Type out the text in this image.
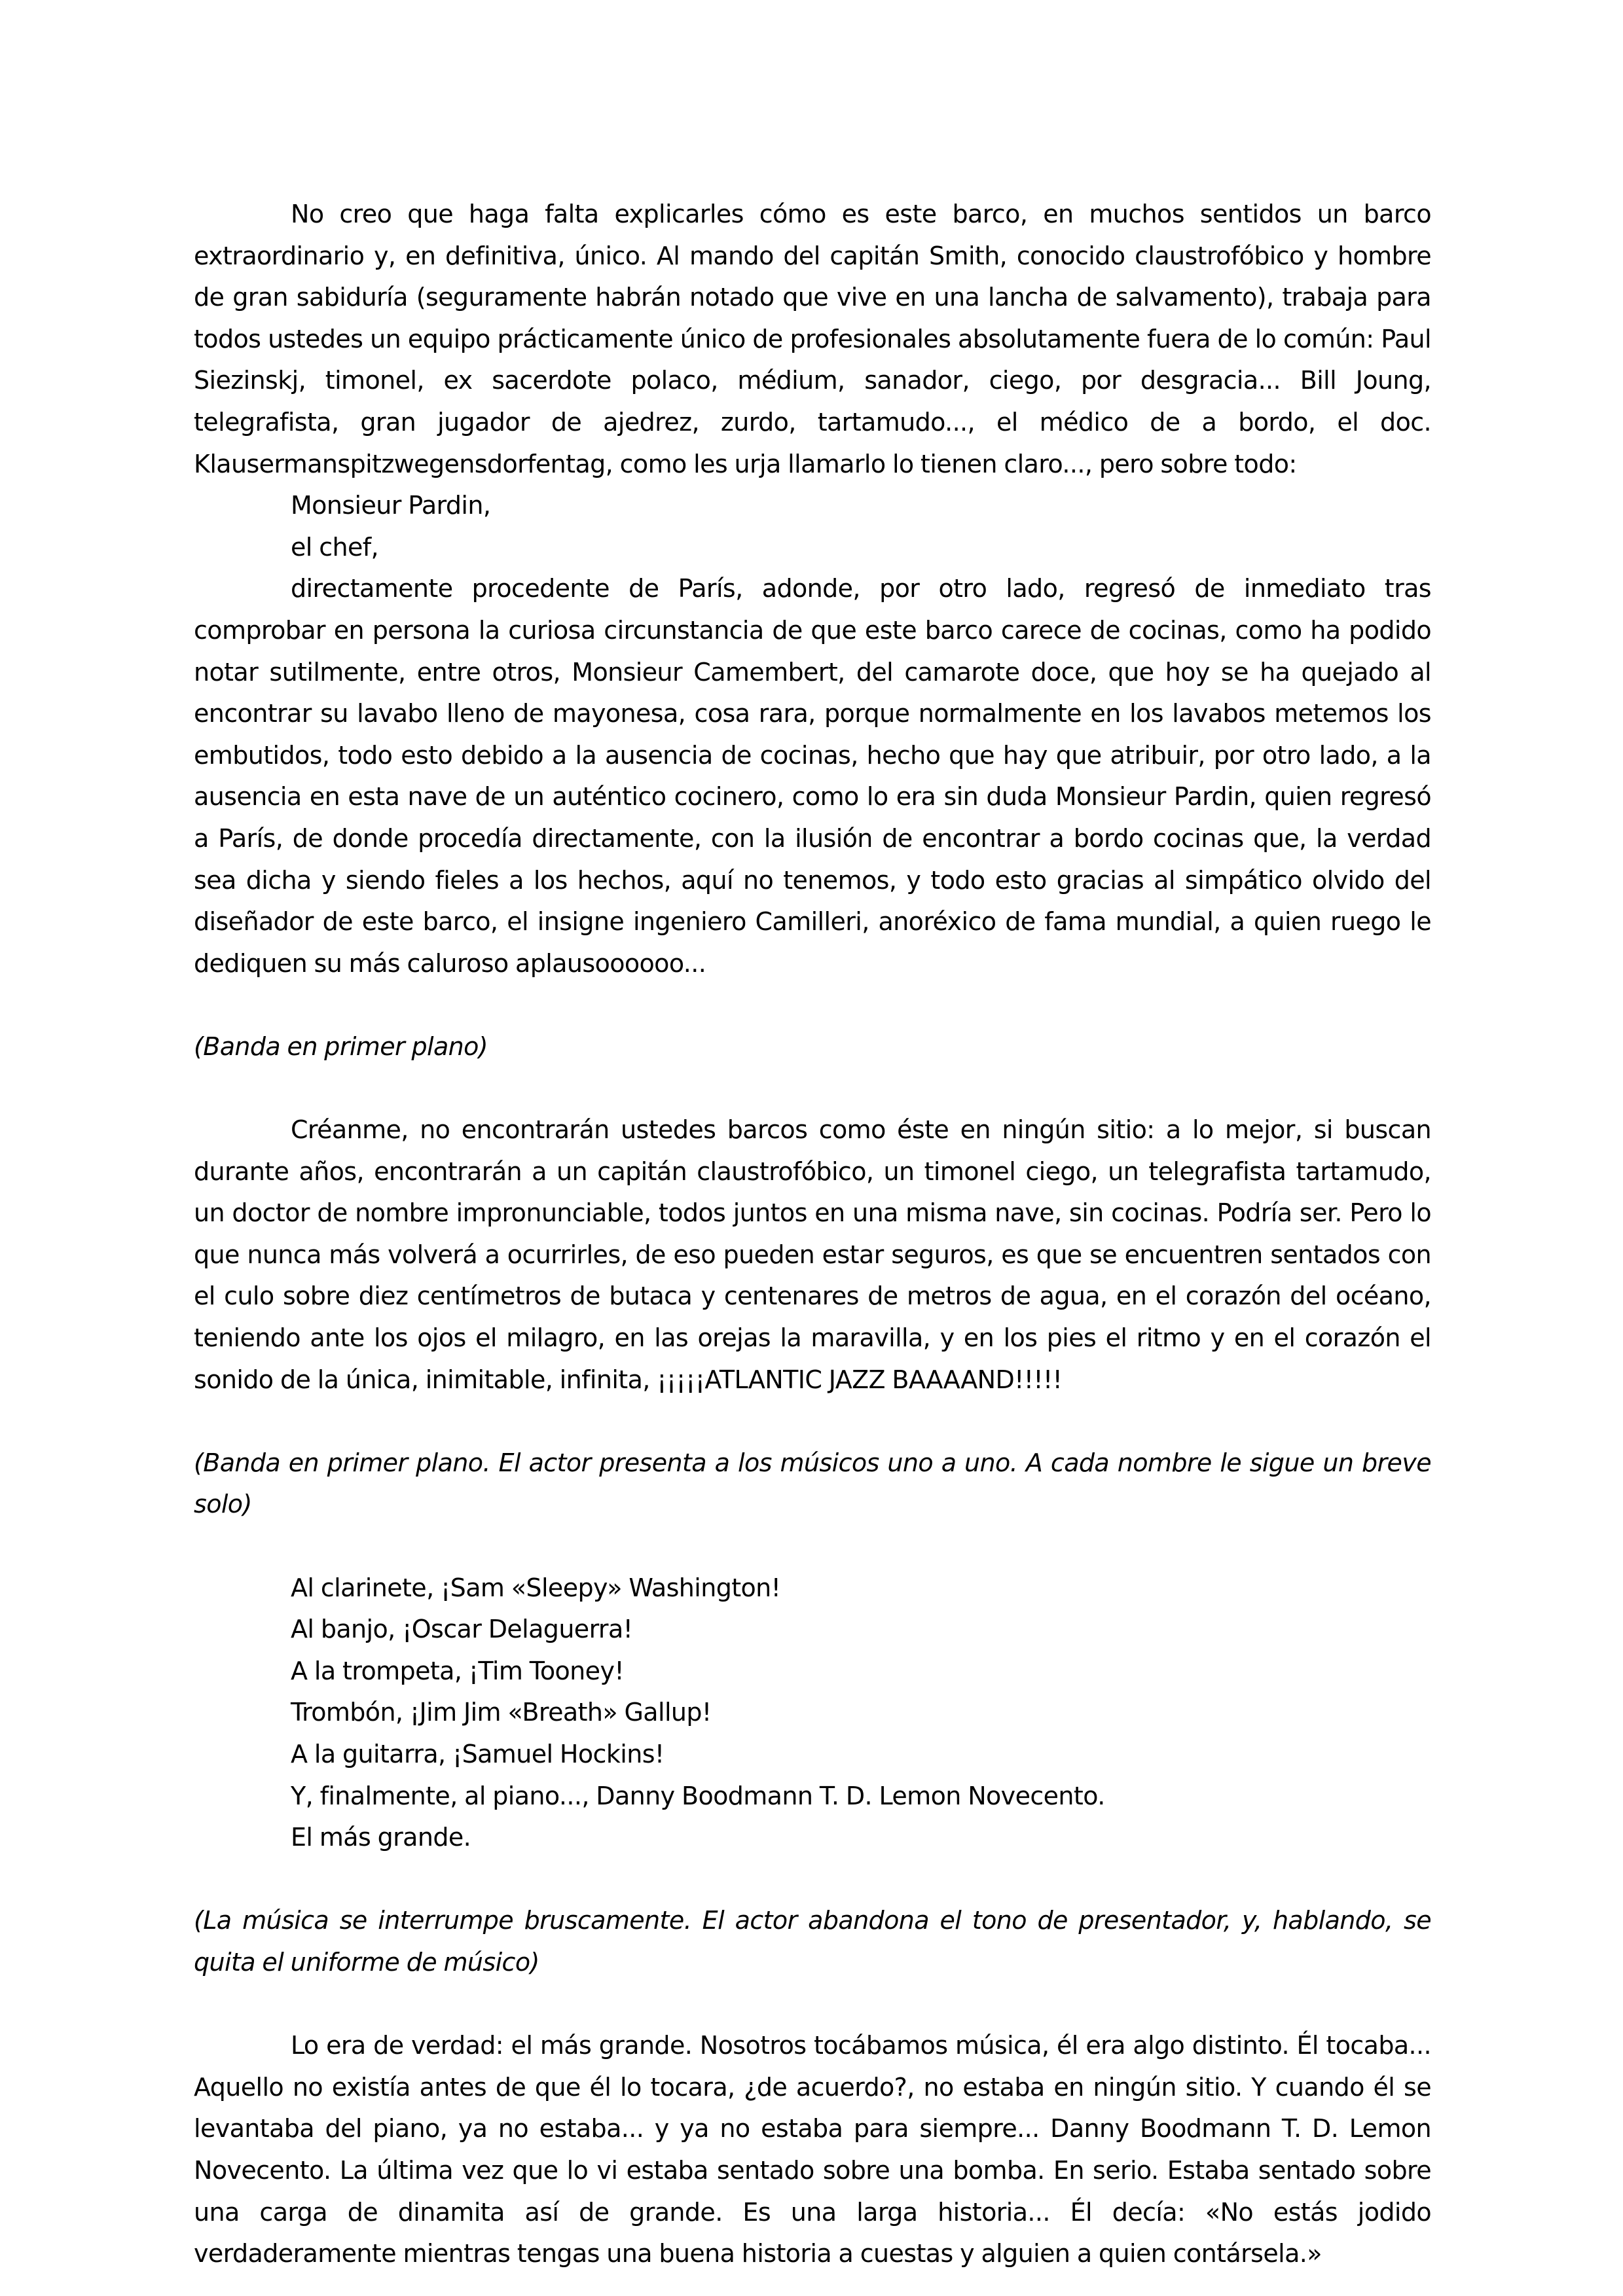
No creo que haga falta explicarles cómo es este barco, en muchos sentidos un barco extraordinario y, en definitiva, único. Al mando del capitán Smith, conocido claustrofóbico y hombre de gran sabiduría (seguramente habrán notado que vive en una lancha de salvamento), trabaja para todos ustedes un equipo prácticamente único de profesionales absolutamente fuera de lo común: Paul Siezinskj, timonel, ex sacerdote polaco, médium, sanador, ciego, por desgracia... Bill Joung, telegrafista, gran jugador de ajedrez, zurdo, tartamudo..., el médico de a bordo, el doc. Klausermanspitzwegensdorfentag, como les urja llamarlo lo tienen claro..., pero sobre todo:

Monsieur Pardin,

el chef,

directamente procedente de París, adonde, por otro lado, regresó de inmediato tras comprobar en persona la curiosa circunstancia de que este barco carece de cocinas, como ha podido notar sutilmente, entre otros, Monsieur Camembert, del camarote doce, que hoy se ha quejado al encontrar su lavabo lleno de mayonesa, cosa rara, porque normalmente en los lavabos metemos los embutidos, todo esto debido a la ausencia de cocinas, hecho que hay que atribuir, por otro lado, a la ausencia en esta nave de un auténtico cocinero, como lo era sin duda Monsieur Pardin, quien regresó a París, de donde procedía directamente, con la ilusión de encontrar a bordo cocinas que, la verdad sea dicha y siendo fieles a los hechos, aquí no tenemos, y todo esto gracias al simpático olvido del diseñador de este barco, el insigne ingeniero Camilleri, anoréxico de fama mundial, a quien ruego le dediquen su más caluroso aplausoooooo...

(Banda en primer plano)

Créanme, no encontrarán ustedes barcos como éste en ningún sitio: a lo mejor, si buscan durante años, encontrarán a un capitán claustrofóbico, un timonel ciego, un telegrafista tartamudo, un doctor de nombre impronunciable, todos juntos en una misma nave, sin cocinas. Podría ser. Pero lo que nunca más volverá a ocurrirles, de eso pueden estar seguros, es que se encuentren sentados con el culo sobre diez centímetros de butaca y centenares de metros de agua, en el corazón del océano, teniendo ante los ojos el milagro, en las orejas la maravilla, y en los pies el ritmo y en el corazón el sonido de la única, inimitable, infinita, ¡¡¡¡¡ATLANTIC JAZZ BAAAAND!!!!!

(Banda en primer plano. El actor presenta a los músicos uno a uno. A cada nombre le sigue un breve solo)

Al clarinete, ¡Sam «Sleepy» Washington!
Al banjo, ¡Oscar Delaguerra!
A la trompeta, ¡Tim Tooney!
Trombón, ¡Jim Jim «Breath» Gallup!
A la guitarra, ¡Samuel Hockins!
Y, finalmente, al piano..., Danny Boodmann T. D. Lemon Novecento.
El más grande.

(La música se interrumpe bruscamente. El actor abandona el tono de presentador, y, hablando, se quita el uniforme de músico)

Lo era de verdad: el más grande. Nosotros tocábamos música, él era algo distinto. Él tocaba... Aquello no existía antes de que él lo tocara, ¿de acuerdo?, no estaba en ningún sitio. Y cuando él se levantaba del piano, ya no estaba... y ya no estaba para siempre... Danny Boodmann T. D. Lemon Novecento. La última vez que lo vi estaba sentado sobre una bomba. En serio. Estaba sentado sobre una carga de dinamita así de grande. Es una larga historia... Él decía: «No estás jodido verdaderamente mientras tengas una buena historia a cuestas y alguien a quien contársela.»
